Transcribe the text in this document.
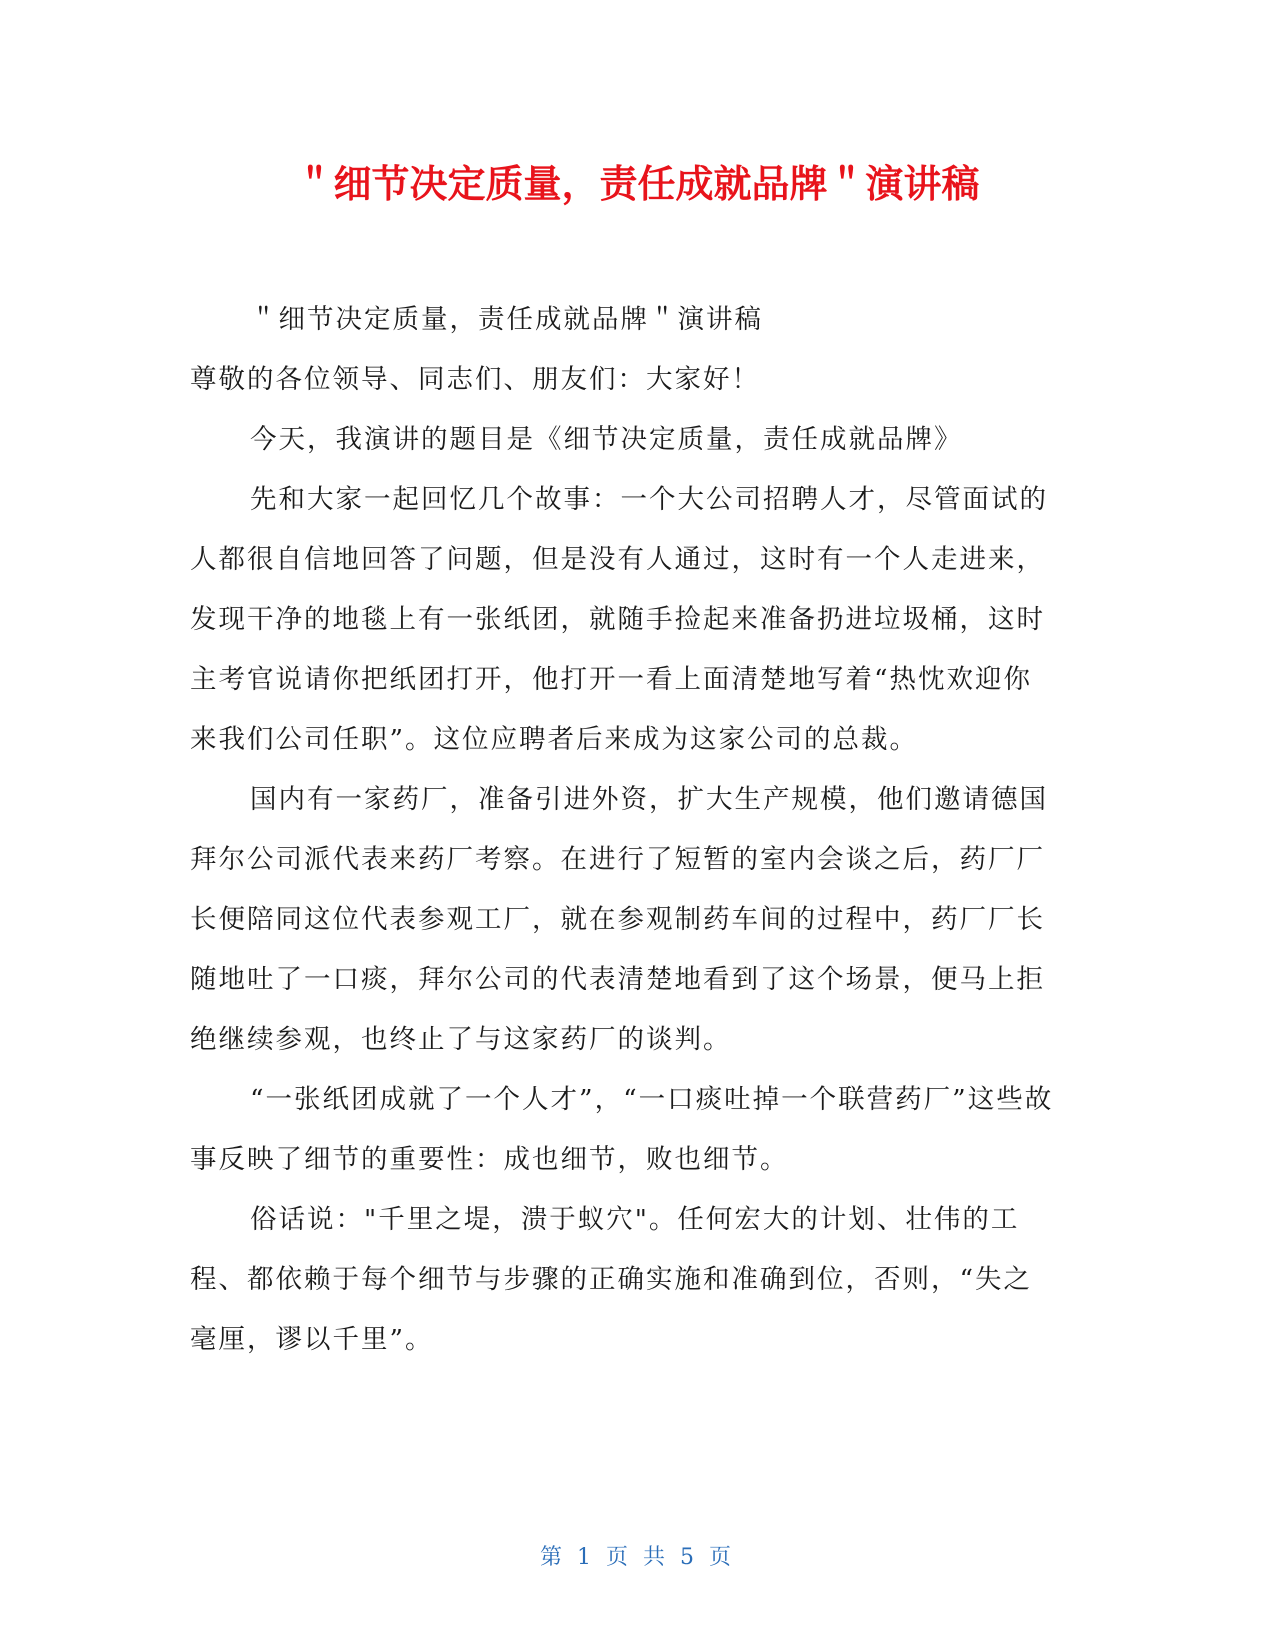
＂细节决定质量，责任成就品牌＂演讲稿

＂细节决定质量，责任成就品牌＂演讲稿

尊敬的各位领导、同志们、朋友们：大家好！

今天，我演讲的题目是《细节决定质量，责任成就品牌》

先和大家一起回忆几个故事：一个大公司招聘人才，尽管面试的人都很自信地回答了问题，但是没有人通过，这时有一个人走进来，发现干净的地毯上有一张纸团，就随手捡起来准备扔进垃圾桶，这时主考官说请你把纸团打开，他打开一看上面清楚地写着“热忱欢迎你来我们公司任职”。这位应聘者后来成为这家公司的总裁。

国内有一家药厂，准备引进外资，扩大生产规模，他们邀请德国拜尔公司派代表来药厂考察。在进行了短暂的室内会谈之后，药厂厂长便陪同这位代表参观工厂，就在参观制药车间的过程中，药厂厂长随地吐了一口痰，拜尔公司的代表清楚地看到了这个场景，便马上拒绝继续参观，也终止了与这家药厂的谈判。

“一张纸团成就了一个人才”，“一口痰吐掉一个联营药厂”这些故事反映了细节的重要性：成也细节，败也细节。

俗话说："千里之堤，溃于蚁穴"。任何宏大的计划、壮伟的工程、都依赖于每个细节与步骤的正确实施和准确到位，否则，“失之毫厘，谬以千里”。

第 1 页 共 5 页
